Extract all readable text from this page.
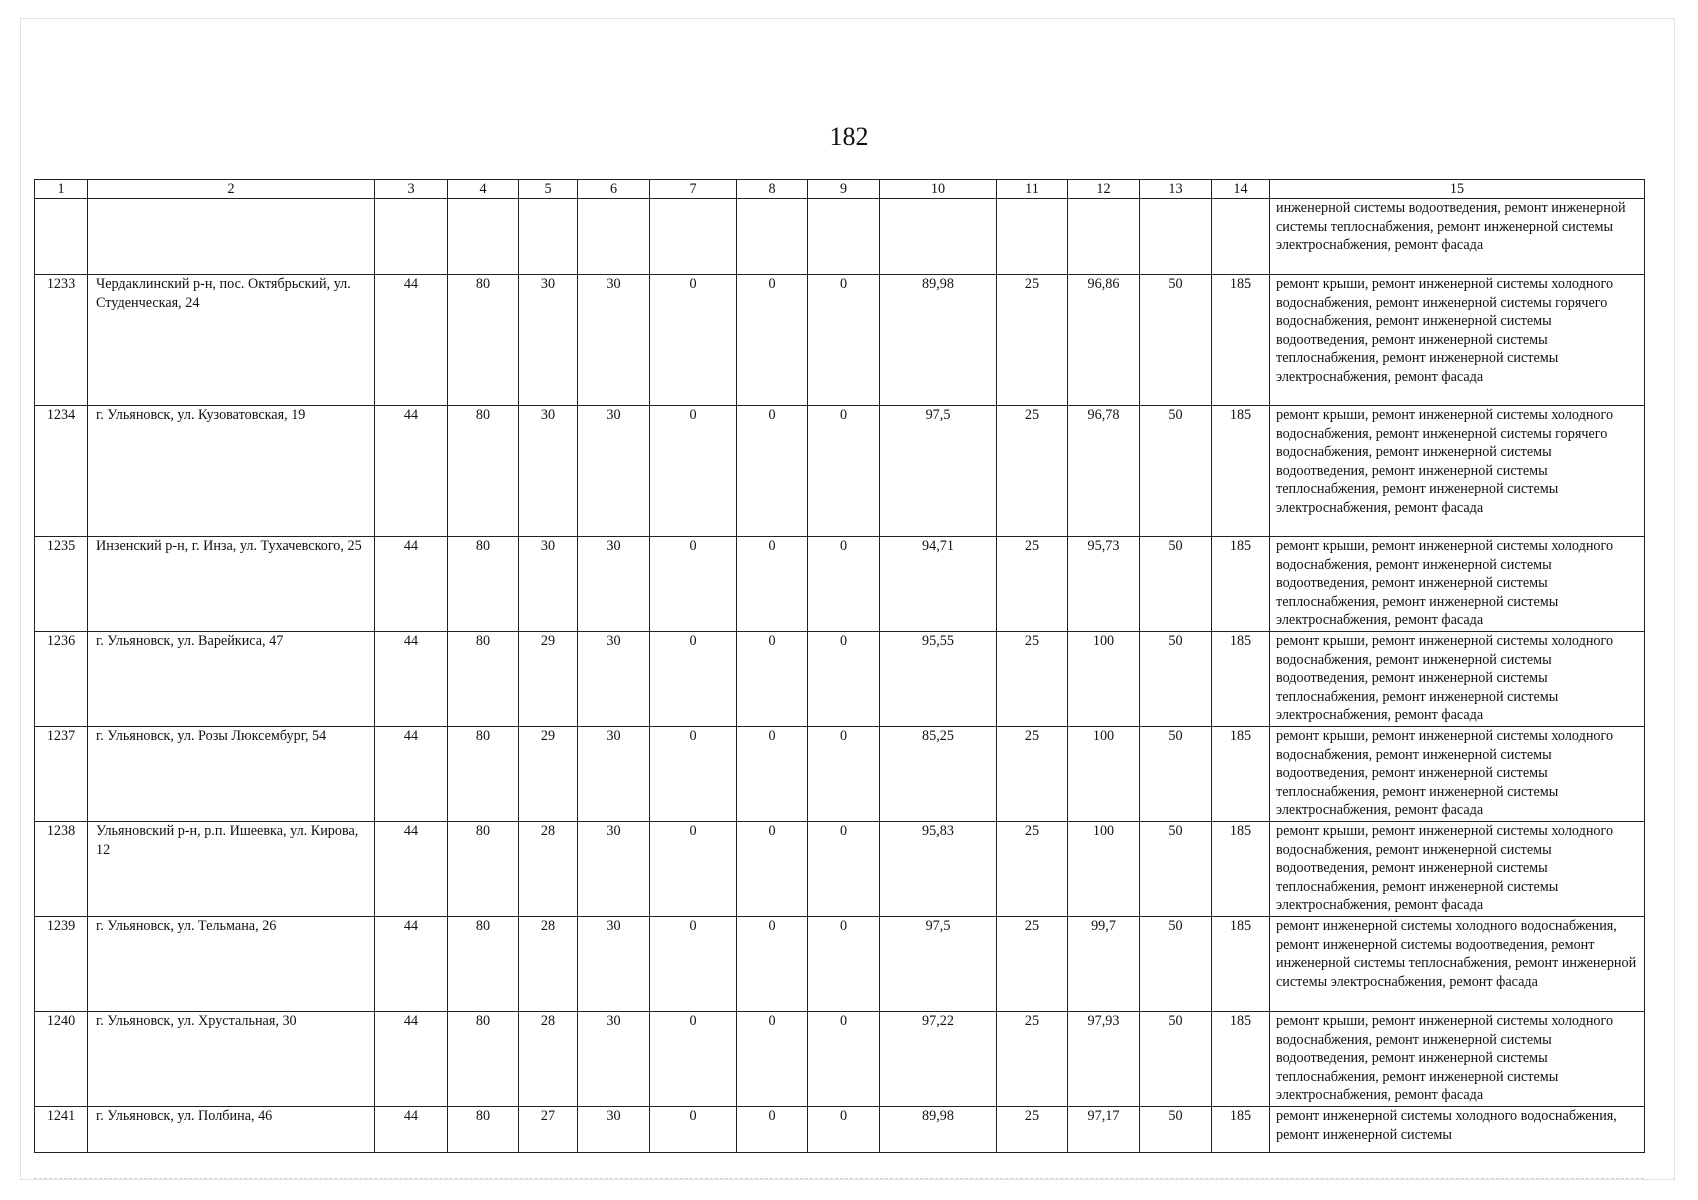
182
1	2	3	4	5	6	7	8	9	10	11	12	13	14	15
														инженерной системы водоотведения, ремонт инженерной системы теплоснабжения, ремонт инженерной системы электроснабжения, ремонт фасада
1233	Чердаклинский р-н, пос. Октябрьский, ул. Студенческая, 24	44	80	30	30	0	0	0	89,98	25	96,86	50	185	ремонт крыши, ремонт инженерной системы холодного водоснабжения, ремонт инженерной системы горячего водоснабжения, ремонт инженерной системы водоотведения, ремонт инженерной системы теплоснабжения, ремонт инженерной системы электроснабжения, ремонт фасада
1234	г. Ульяновск, ул. Кузоватовская, 19	44	80	30	30	0	0	0	97,5	25	96,78	50	185	ремонт крыши, ремонт инженерной системы холодного водоснабжения, ремонт инженерной системы горячего водоснабжения, ремонт инженерной системы водоотведения, ремонт инженерной системы теплоснабжения, ремонт инженерной системы электроснабжения, ремонт фасада
1235	Инзенский р-н, г. Инза, ул. Тухачевского, 25	44	80	30	30	0	0	0	94,71	25	95,73	50	185	ремонт крыши, ремонт инженерной системы холодного водоснабжения, ремонт инженерной системы водоотведения, ремонт инженерной системы теплоснабжения, ремонт инженерной системы электроснабжения, ремонт фасада
1236	г. Ульяновск, ул. Варейкиса, 47	44	80	29	30	0	0	0	95,55	25	100	50	185	ремонт крыши, ремонт инженерной системы холодного водоснабжения, ремонт инженерной системы водоотведения, ремонт инженерной системы теплоснабжения, ремонт инженерной системы электроснабжения, ремонт фасада
1237	г. Ульяновск, ул. Розы Люксембург, 54	44	80	29	30	0	0	0	85,25	25	100	50	185	ремонт крыши, ремонт инженерной системы холодного водоснабжения, ремонт инженерной системы водоотведения, ремонт инженерной системы теплоснабжения, ремонт инженерной системы электроснабжения, ремонт фасада
1238	Ульяновский р-н, р.п. Ишеевка, ул. Кирова, 12	44	80	28	30	0	0	0	95,83	25	100	50	185	ремонт крыши, ремонт инженерной системы холодного водоснабжения, ремонт инженерной системы водоотведения, ремонт инженерной системы теплоснабжения, ремонт инженерной системы электроснабжения, ремонт фасада
1239	г. Ульяновск, ул. Тельмана, 26	44	80	28	30	0	0	0	97,5	25	99,7	50	185	ремонт инженерной системы холодного водоснабжения, ремонт инженерной системы водоотведения, ремонт инженерной системы теплоснабжения, ремонт инженерной системы электроснабжения, ремонт фасада
1240	г. Ульяновск, ул. Хрустальная, 30	44	80	28	30	0	0	0	97,22	25	97,93	50	185	ремонт крыши, ремонт инженерной системы холодного водоснабжения, ремонт инженерной системы водоотведения, ремонт инженерной системы теплоснабжения, ремонт инженерной системы электроснабжения, ремонт фасада
1241	г. Ульяновск, ул. Полбина, 46	44	80	27	30	0	0	0	89,98	25	97,17	50	185	ремонт инженерной системы холодного водоснабжения, ремонт инженерной системы
